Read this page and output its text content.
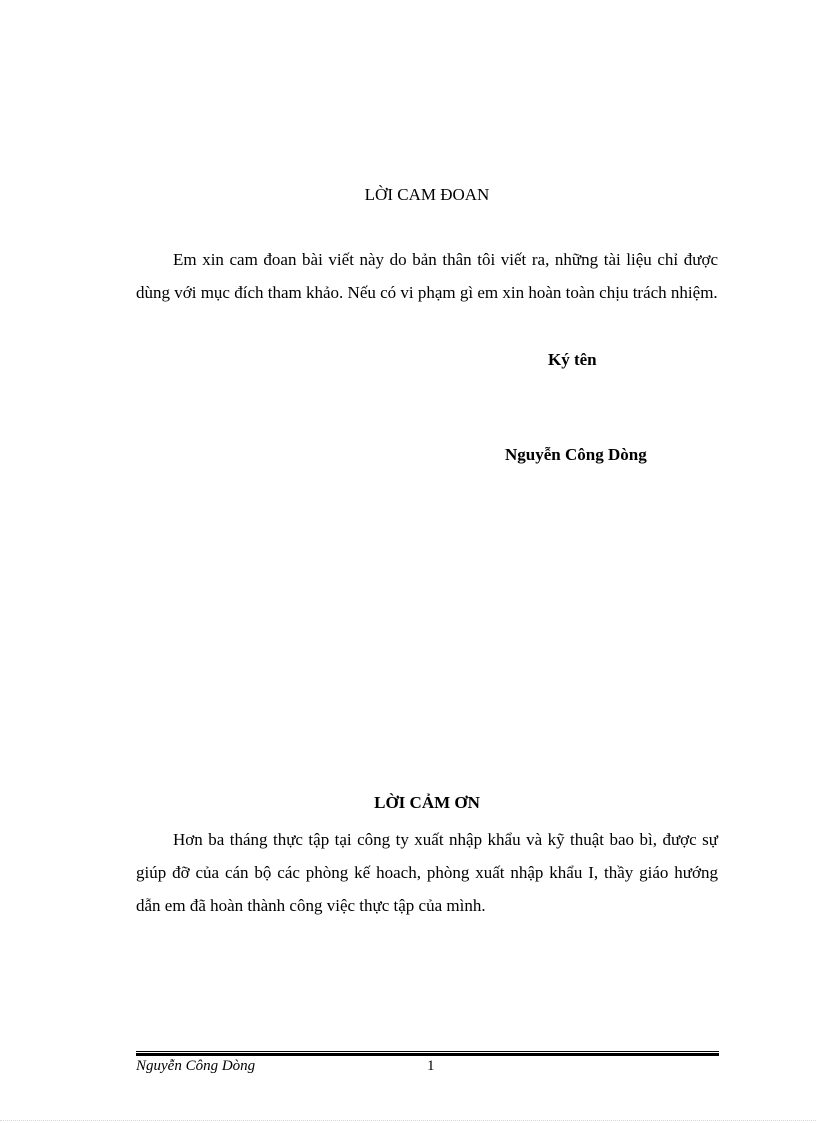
LỜI CAM ĐOAN

Em xin cam đoan bài viết này do bản thân tôi viết ra, những tài liệu chỉ được dùng với mục đích tham khảo. Nếu có vi phạm gì em xin hoàn toàn chịu trách nhiệm.

Ký tên

Nguyễn Công Dòng

LỜI CẢM ƠN

Hơn ba tháng thực tập tại công ty xuất nhập khẩu và kỹ thuật bao bì, được sự giúp đỡ của cán bộ các phòng kế hoach, phòng xuất nhập khẩu I, thầy giáo hướng dẫn em đã hoàn thành công việc thực tập của mình.

Nguyễn Công Dòng	1
